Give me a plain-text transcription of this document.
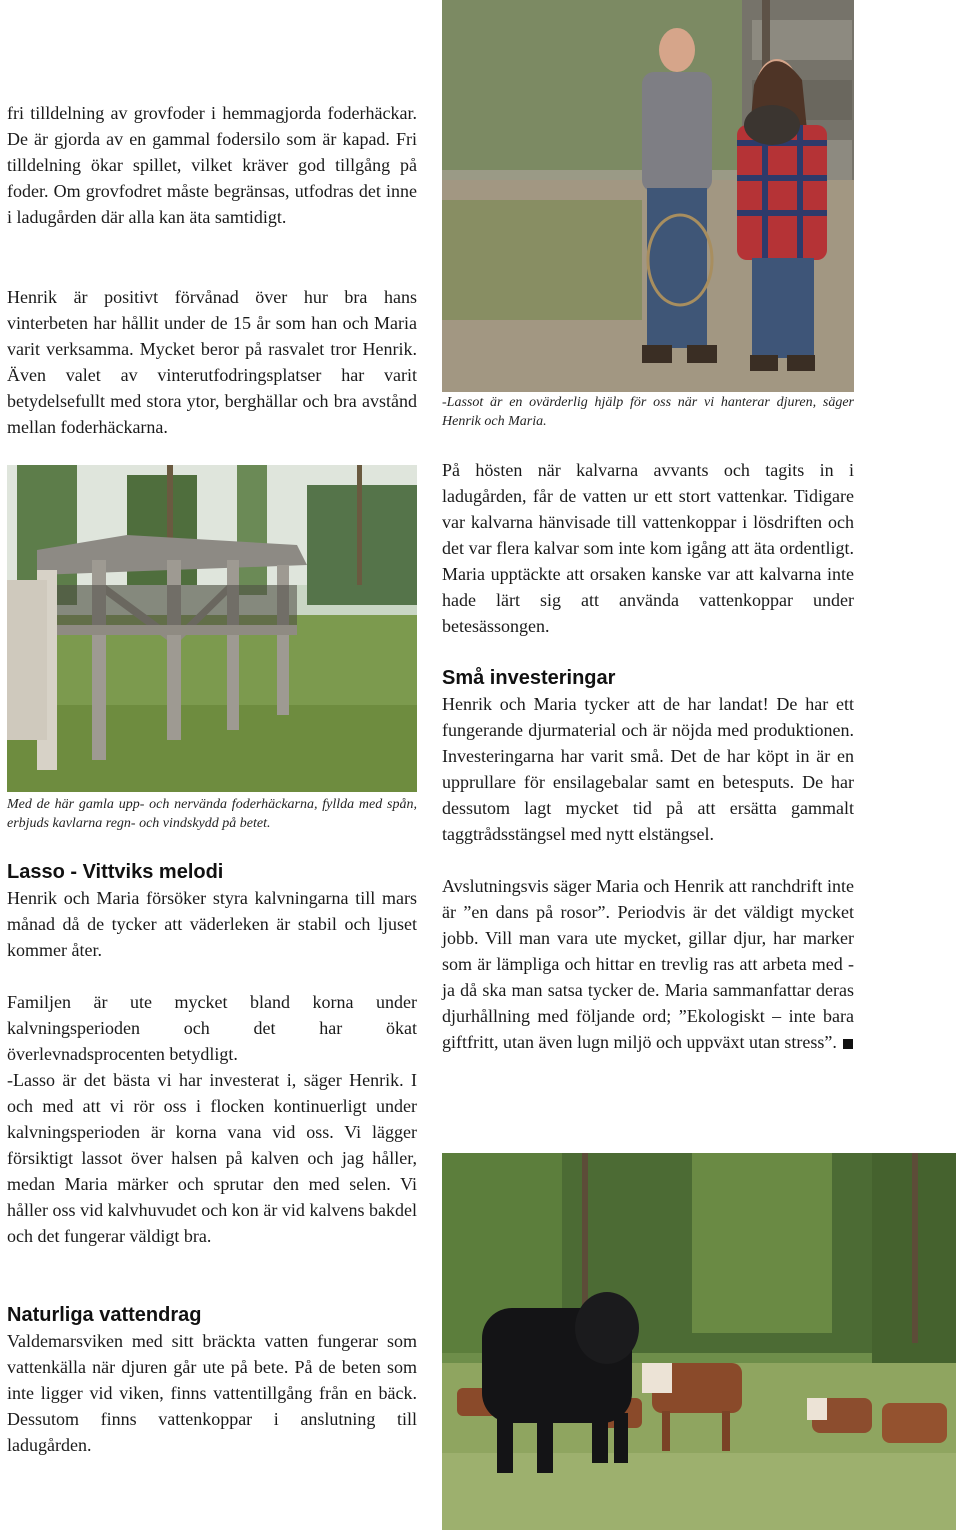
fri tilldelning av grovfoder i hemmagjorda foderhäckar. De är gjorda av en gammal fodersilo som är kapad. Fri tilldelning ökar spillet, vilket kräver god tillgång på foder. Om grovfodret måste begränsas, utfodras det inne i ladugården där alla kan äta samtidigt.

Henrik är positivt förvånad över hur bra hans vinterbeten har hållit under de 15 år som han och Maria varit verksamma. Mycket beror på rasvalet tror Henrik. Även valet av vinterutfodringsplatser har varit betydelsefullt med stora ytor, berghällar och bra avstånd mellan foderhäckarna.

Med de här gamla upp- och nervända foderhäckarna, fyllda med spån, erbjuds kavlarna regn- och vindskydd på betet.

Lasso - Vittviks melodi

Henrik och Maria försöker styra kalvningarna till mars månad då de tycker att väderleken är stabil och ljuset kommer åter.

Familjen är ute mycket bland korna under kalvningsperioden och det har ökat överlevnadsprocenten betydligt.

-Lasso är det bästa vi har investerat i, säger Henrik. I och med att vi rör oss i flocken kontinuerligt under kalvningsperioden är korna vana vid oss. Vi lägger försiktigt lassot över halsen på kalven och jag håller, medan Maria märker och sprutar den med selen. Vi håller oss vid kalvhuvudet och kon är vid kalvens bakdel och det fungerar väldigt bra.

Naturliga vattendrag

Valdemarsviken med sitt bräckta vatten fungerar som vattenkälla när djuren går ute på bete. På de beten som inte ligger vid viken, finns vattentillgång från en bäck. Dessutom finns vattenkoppar i anslutning till ladugården.

-Lassot är en ovärderlig hjälp för oss när vi hanterar djuren, säger Henrik och Maria.

På hösten när kalvarna avvants och tagits in i ladugården, får de vatten ur ett stort vattenkar. Tidigare var kalvarna hänvisade till vattenkoppar i lösdriften och det var flera kalvar som inte kom igång att äta ordentligt. Maria upptäckte att orsaken kanske var att kalvarna inte hade lärt sig att använda vattenkoppar under betesässongen.

Små investeringar

Henrik och Maria tycker att de har landat! De har ett fungerande djurmaterial och är nöjda med produktionen. Investeringarna har varit små. Det de har köpt in är en upprullare för ensilagebalar samt en betesputs. De har dessutom lagt mycket tid på att ersätta gammalt taggtrådsstängsel med nytt elstängsel.

Avslutningsvis säger Maria och Henrik att ranchdrift inte är ”en dans på rosor”. Periodvis är det väldigt mycket jobb. Vill man vara ute mycket, gillar djur, har marker som är lämpliga och hittar en trevlig ras att arbeta med - ja då ska man satsa tycker de. Maria sammanfattar deras djurhållning med följande ord; ”Ekologiskt – inte bara giftfritt, utan även lugn miljö och uppväxt utan stress”.
